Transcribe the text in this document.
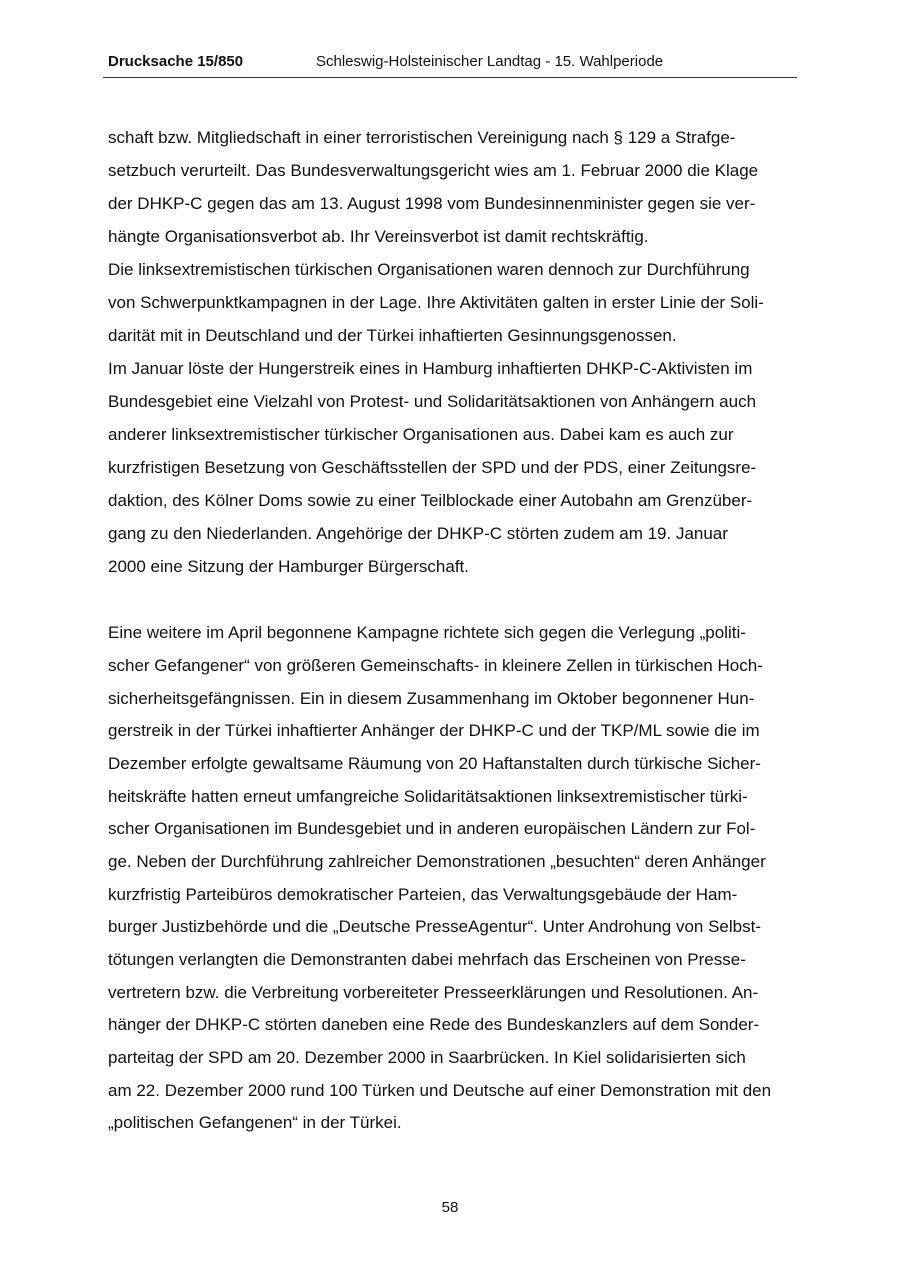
Drucksache 15/850	Schleswig-Holsteinischer Landtag - 15. Wahlperiode
schaft bzw. Mitgliedschaft in einer terroristischen Vereinigung nach § 129 a Strafge-
setzbuch verurteilt. Das Bundesverwaltungsgericht wies am 1. Februar 2000 die Klage
der DHKP-C gegen das am 13. August 1998 vom Bundesinnenminister gegen sie ver-
hängte Organisationsverbot ab. Ihr Vereinsverbot ist damit rechtskräftig.
Die linksextremistischen türkischen Organisationen waren dennoch zur Durchführung
von Schwerpunktkampagnen in der Lage. Ihre Aktivitäten galten in erster Linie der Soli-
darität mit in Deutschland und der Türkei inhaftierten Gesinnungsgenossen.
Im Januar löste der Hungerstreik eines in Hamburg inhaftierten DHKP-C-Aktivisten im
Bundesgebiet eine Vielzahl von Protest- und Solidaritätsaktionen von Anhängern auch
anderer linksextremistischer türkischer Organisationen aus. Dabei kam es auch zur
kurzfristigen Besetzung von Geschäftsstellen der SPD und der PDS, einer Zeitungsre-
daktion, des Kölner Doms sowie zu einer Teilblockade einer Autobahn am Grenzüber-
gang zu den Niederlanden. Angehörige der DHKP-C störten zudem am 19. Januar
2000 eine Sitzung der Hamburger Bürgerschaft.
Eine weitere im April begonnene Kampagne richtete sich gegen die Verlegung „politi-
scher Gefangener“ von größeren Gemeinschafts- in kleinere Zellen in türkischen Hoch-
sicherheitsgefängnissen. Ein in diesem Zusammenhang im Oktober begonnener Hun-
gerstreik in der Türkei inhaftierter Anhänger der DHKP-C und der TKP/ML sowie die im
Dezember erfolgte gewaltsame Räumung von 20 Haftanstalten durch türkische Sicher-
heitskräfte hatten erneut umfangreiche Solidaritätsaktionen linksextremistischer türki-
scher Organisationen im Bundesgebiet und in anderen europäischen Ländern zur Fol-
ge. Neben der Durchführung zahlreicher Demonstrationen „besuchten“ deren Anhänger
kurzfristig Parteibüros demokratischer Parteien, das Verwaltungsgebäude der Ham-
burger Justizbehörde und die „Deutsche PresseAgentur“. Unter Androhung von Selbst-
tötungen verlangten die Demonstranten dabei mehrfach das Erscheinen von Presse-
vertretern bzw. die Verbreitung vorbereiteter Presseerklärungen und Resolutionen. An-
hänger der DHKP-C störten daneben eine Rede des Bundeskanzlers auf dem Sonder-
parteitag der SPD am 20. Dezember 2000 in Saarbrücken. In Kiel solidarisierten sich
am 22. Dezember 2000 rund 100 Türken und Deutsche auf einer Demonstration mit den
„politischen Gefangenen“ in der Türkei.
58
